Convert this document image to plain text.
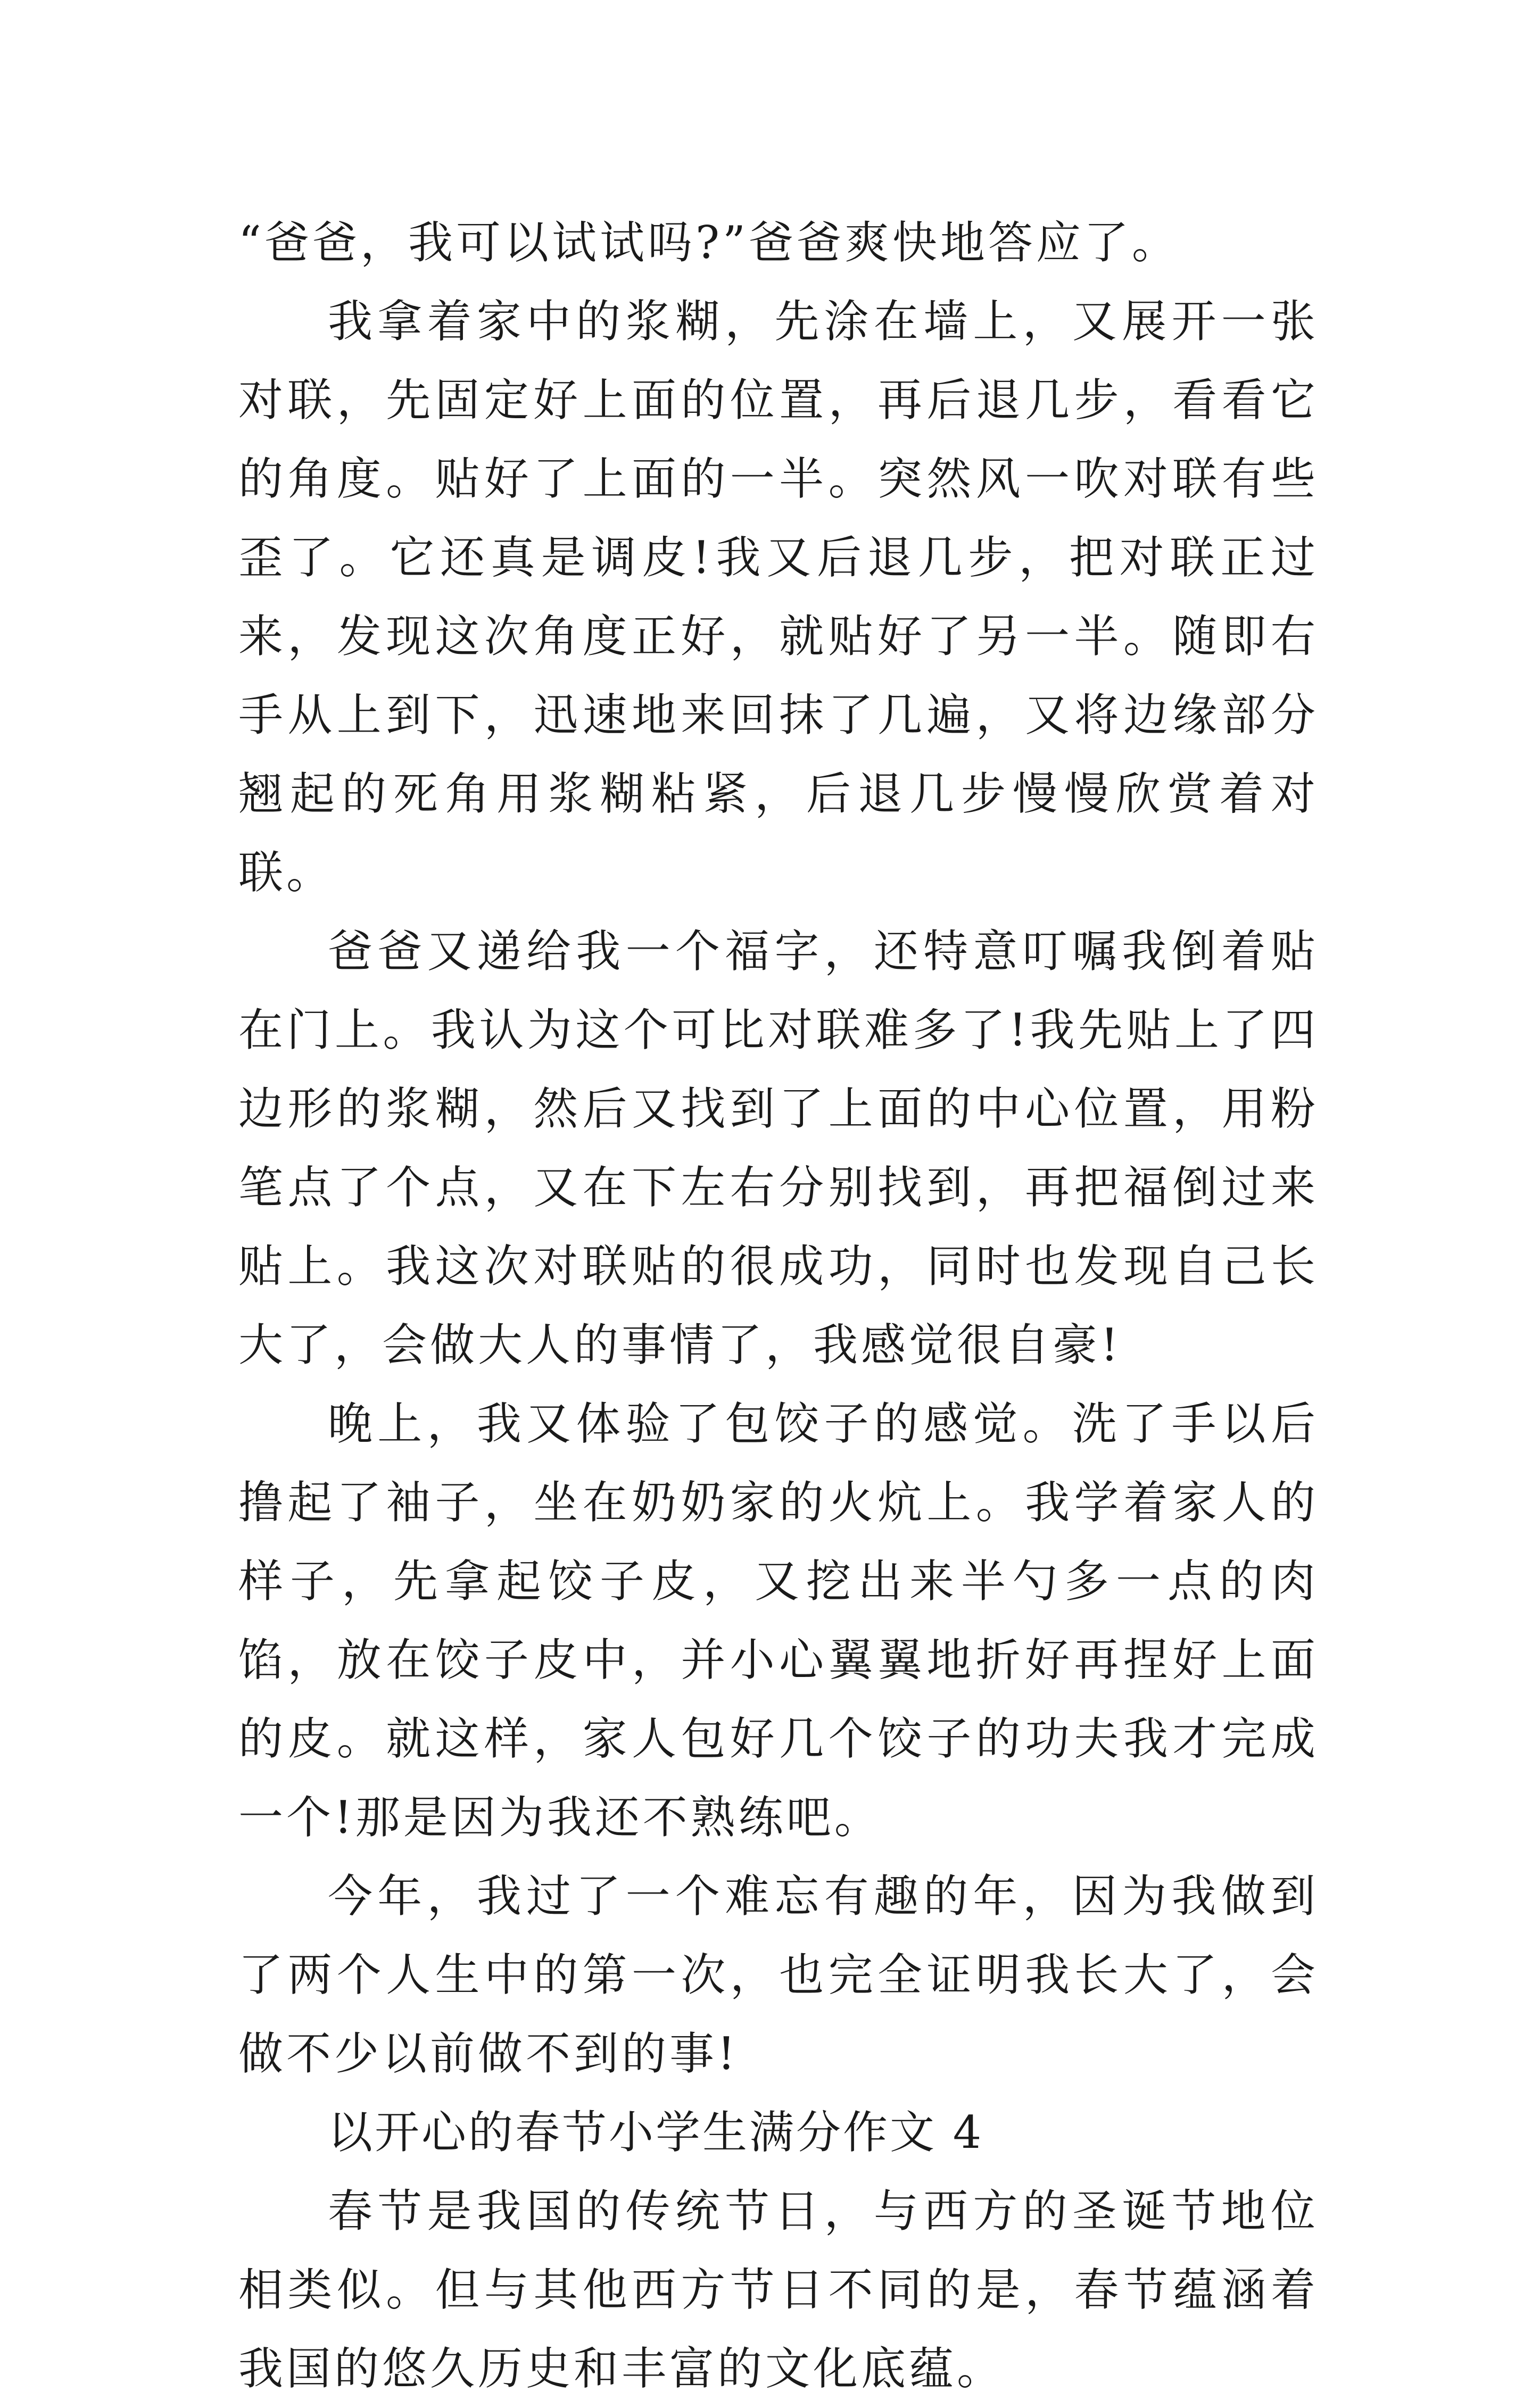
“爸爸，我可以试试吗?”爸爸爽快地答应了。

我拿着家中的浆糊，先涂在墙上，又展开一张对联，先固定好上面的位置，再后退几步，看看它的角度。贴好了上面的一半。突然风一吹对联有些歪了。它还真是调皮!我又后退几步，把对联正过来，发现这次角度正好，就贴好了另一半。随即右手从上到下，迅速地来回抹了几遍，又将边缘部分翘起的死角用浆糊粘紧，后退几步慢慢欣赏着对联。

爸爸又递给我一个福字，还特意叮嘱我倒着贴在门上。我认为这个可比对联难多了!我先贴上了四边形的浆糊，然后又找到了上面的中心位置，用粉笔点了个点，又在下左右分别找到，再把福倒过来贴上。我这次对联贴的很成功，同时也发现自己长大了，会做大人的事情了，我感觉很自豪!

晚上，我又体验了包饺子的感觉。洗了手以后撸起了袖子，坐在奶奶家的火炕上。我学着家人的样子，先拿起饺子皮，又挖出来半勺多一点的肉馅，放在饺子皮中，并小心翼翼地折好再捏好上面的皮。就这样，家人包好几个饺子的功夫我才完成一个!那是因为我还不熟练吧。

今年，我过了一个难忘有趣的年，因为我做到了两个人生中的第一次，也完全证明我长大了，会做不少以前做不到的事!

以开心的春节小学生满分作文 4

春节是我国的传统节日，与西方的圣诞节地位相类似。但与其他西方节日不同的是，春节蕴涵着我国的悠久历史和丰富的文化底蕴。
